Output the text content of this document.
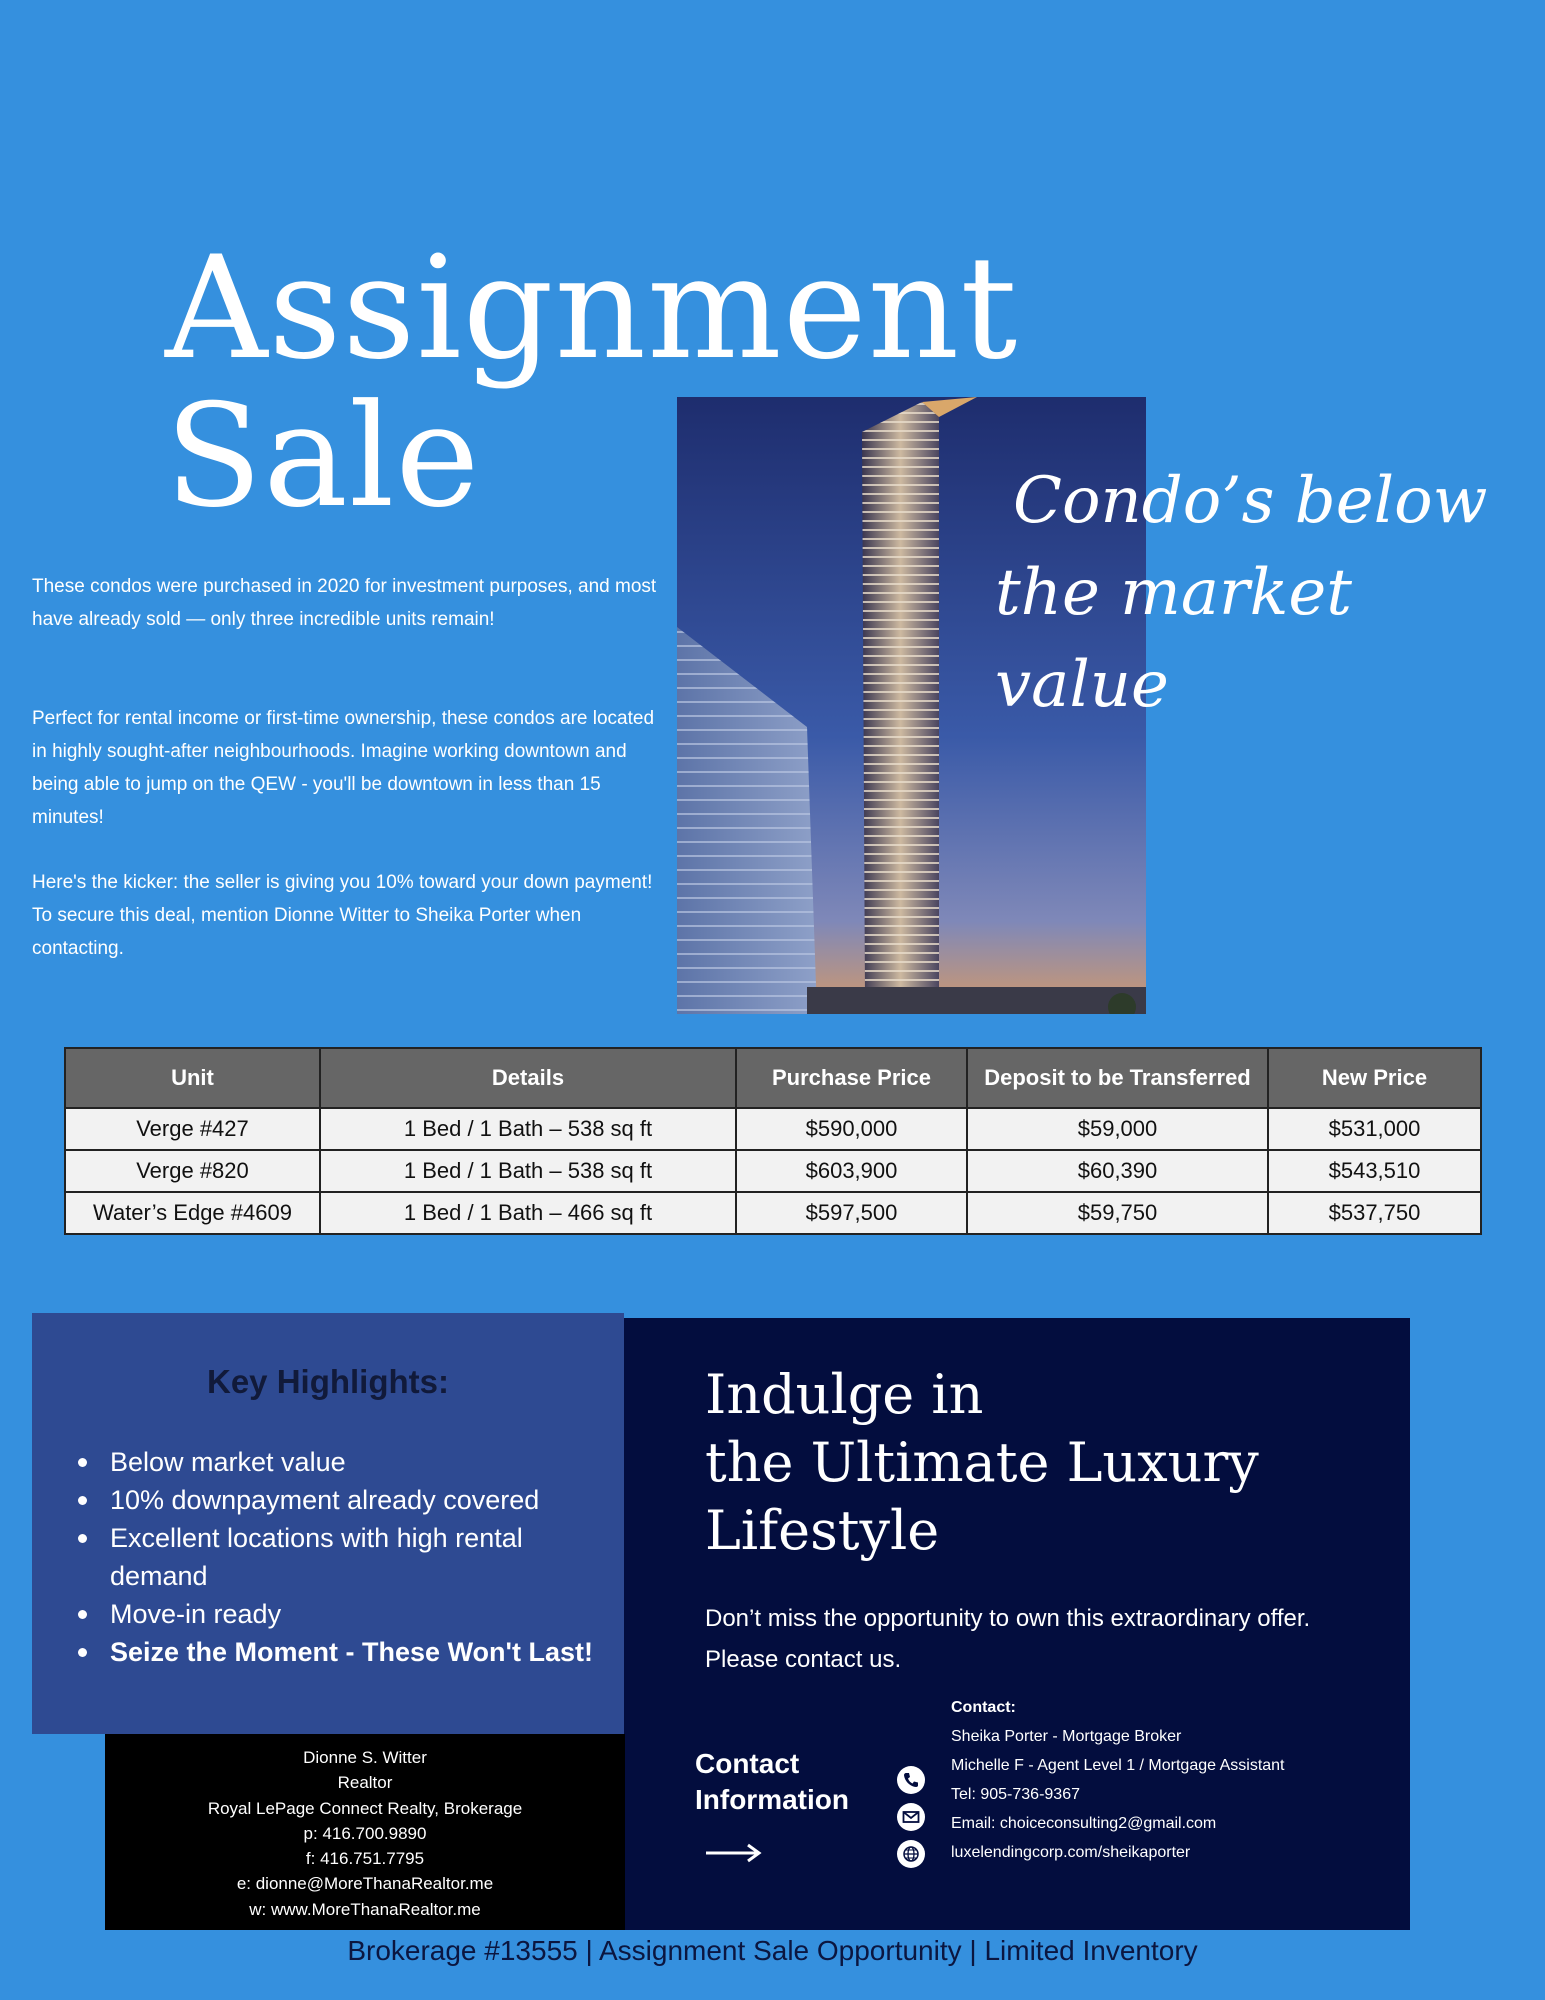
Assignment
Sale	Condo’s below
the market value

These condos were purchased in 2020 for investment purposes, and most have already sold — only three incredible units remain!

Perfect for rental income or first-time ownership, these condos are located in highly sought-after neighbourhoods. Imagine working downtown and being able to jump on the QEW - you'll be downtown in less than 15 minutes!

Here's the kicker: the seller is giving you 10% toward your down payment! To secure this deal, mention Dionne Witter to Sheika Porter when contacting.

Unit	Details	Purchase Price	Deposit to be Transferred	New Price
Verge #427	1 Bed / 1 Bath – 538 sq ft	$590,000	$59,000	$531,000
Verge #820	1 Bed / 1 Bath – 538 sq ft	$603,900	$60,390	$543,510
Water’s Edge #4609	1 Bed / 1 Bath – 466 sq ft	$597,500	$59,750	$537,750
Key Highlights:
Below market value
10% downpayment already covered
Excellent locations with high rental demand
Move-in ready
Seize the Moment - These Won't Last!
Indulge in
the Ultimate Luxury
Lifestyle
Don’t miss the opportunity to own this extraordinary offer. Please contact us.
Contact
Information
Contact:
Sheika Porter - Mortgage Broker
Michelle F - Agent Level 1 / Mortgage Assistant
Tel: 905-736-9367
Email: choiceconsulting2@gmail.com
luxelendingcorp.com/sheikaporter
Dionne S. Witter
Realtor
Royal LePage Connect Realty, Brokerage
p: 416.700.9890
f: 416.751.7795
e: dionne@MoreThanaRealtor.me
w: www.MoreThanaRealtor.me
Brokerage #13555 | Assignment Sale Opportunity | Limited Inventory
